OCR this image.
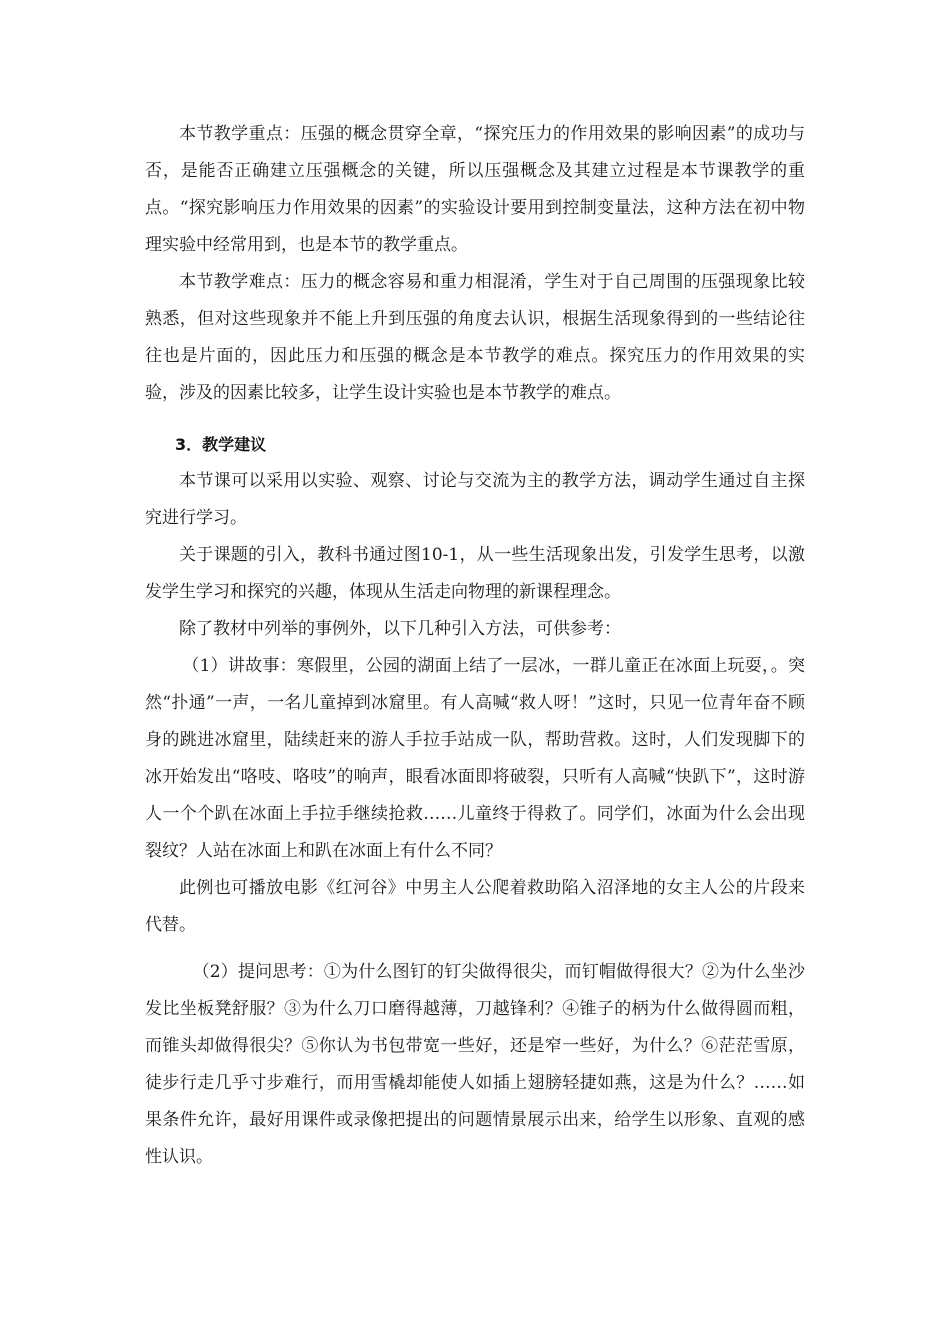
本节教学重点：压强的概念贯穿全章，“探究压力的作用效果的影响因素”的成功与否，是能否正确建立压强概念的关键，所以压强概念及其建立过程是本节课教学的重点。“探究影响压力作用效果的因素”的实验设计要用到控制变量法，这种方法在初中物理实验中经常用到，也是本节的教学重点。

本节教学难点：压力的概念容易和重力相混淆，学生对于自己周围的压强现象比较熟悉，但对这些现象并不能上升到压强的角度去认识，根据生活现象得到的一些结论往往也是片面的，因此压力和压强的概念是本节教学的难点。探究压力的作用效果的实验，涉及的因素比较多，让学生设计实验也是本节教学的难点。

3．教学建议

本节课可以采用以实验、观察、讨论与交流为主的教学方法，调动学生通过自主探究进行学习。

关于课题的引入，教科书通过图10-1，从一些生活现象出发，引发学生思考，以激发学生学习和探究的兴趣，体现从生活走向物理的新课程理念。

除了教材中列举的事例外，以下几种引入方法，可供参考：

（1）讲故事：寒假里，公园的湖面上结了一层冰，一群儿童正在冰面上玩耍，。突然“扑通”一声，一名儿童掉到冰窟里。有人高喊“救人呀！”这时，只见一位青年奋不顾身的跳进冰窟里，陆续赶来的游人手拉手站成一队，帮助营救。这时，人们发现脚下的冰开始发出“咯吱、咯吱”的响声，眼看冰面即将破裂，只听有人高喊“快趴下”，这时游人一个个趴在冰面上手拉手继续抢救……儿童终于得救了。同学们，冰面为什么会出现裂纹？人站在冰面上和趴在冰面上有什么不同？

此例也可播放电影《红河谷》中男主人公爬着救助陷入沼泽地的女主人公的片段来代替。

（2）提问思考：①为什么图钉的钉尖做得很尖，而钉帽做得很大？②为什么坐沙发比坐板凳舒服？③为什么刀口磨得越薄，刀越锋利？④锥子的柄为什么做得圆而粗，而锥头却做得很尖？⑤你认为书包带宽一些好，还是窄一些好，为什么？⑥茫茫雪原，徒步行走几乎寸步难行，而用雪橇却能使人如插上翅膀轻捷如燕，这是为什么？……如果条件允许，最好用课件或录像把提出的问题情景展示出来，给学生以形象、直观的感性认识。
